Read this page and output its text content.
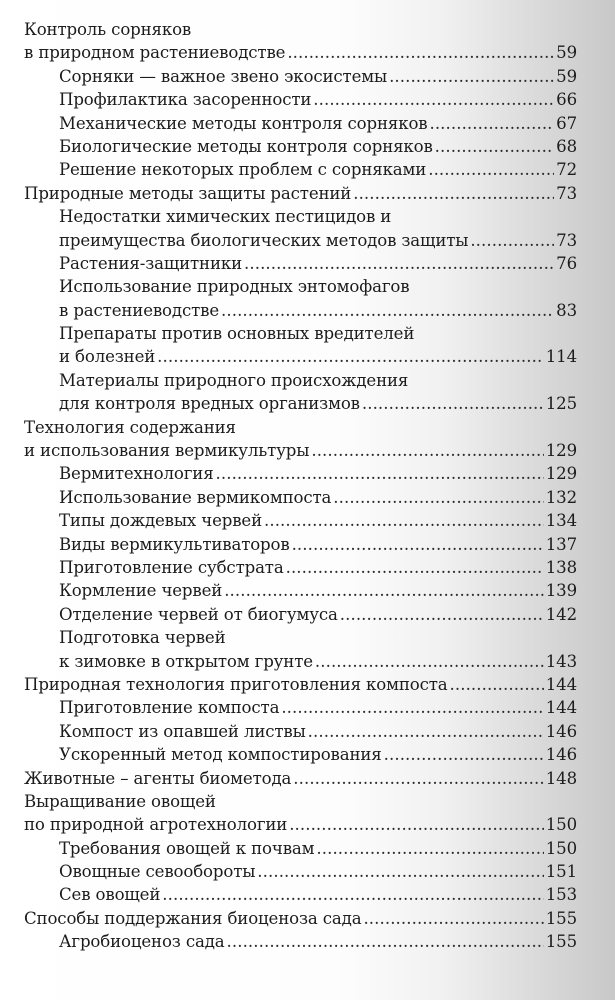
Контроль сорняков
в природном растениеводстве . . .	59
Сорняки — важное звено экосистемы . . .	59
Профилактика засоренности . . .	66
Механические методы контроля сорняков . . .	67
Биологические методы контроля сорняков . . .	68
Решение некоторых проблем с сорняками . . .	72
Природные методы защиты растений . . .	73
Недостатки химических пестицидов и
преимущества биологических методов защиты . . .	73
Растения-защитники . . .	76
Использование природных энтомофагов
в растениеводстве . . .	83
Препараты против основных вредителей
и болезней . . .	114
Материалы природного происхождения
для контроля вредных организмов . . .	125
Технология содержания
и использования вермикультуры . . .	129
Вермитехнология . . .	129
Использование вермикомпоста . . .	132
Типы дождевых червей . . .	134
Виды вермикультиваторов . . .	137
Приготовление субстрата . . .	138
Кормление червей . . .	139
Отделение червей от биогумуса . . .	142
Подготовка червей
к зимовке в открытом грунте . . .	143
Природная технология приготовления компоста . . .	144
Приготовление компоста . . .	144
Компост из опавшей листвы . . .	146
Ускоренный метод компостирования . . .	146
Животные – агенты биометода . . .	148
Выращивание овощей
по природной агротехнологии . . .	150
Требования овощей к почвам . . .	150
Овощные севообороты . . .	151
Сев овощей . . .	153
Способы поддержания биоценоза сада . . .	155
Агробиоценоз сада . . .	155
